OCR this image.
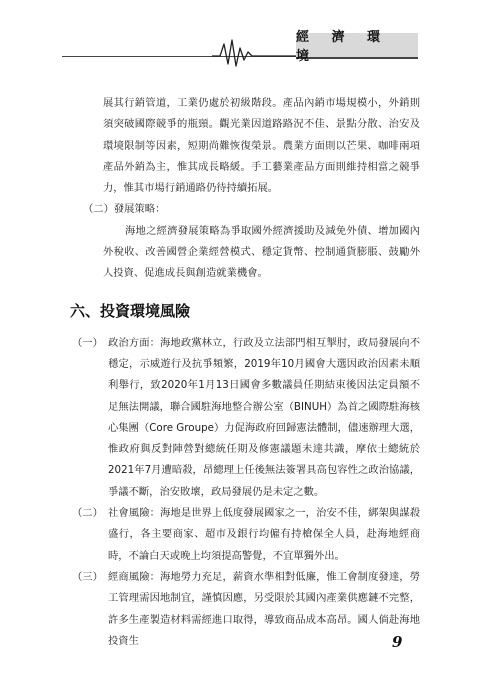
經 濟 環 境

展其行銷管道，工業仍處於初級階段。產品內銷市場規模小，外銷則須突破國際競爭的瓶頸。觀光業因道路路況不佳、景點分散、治安及環境限制等因素，短期尚難恢復榮景。農業方面則以芒果、咖啡兩項產品外銷為主，惟其成長略緩。手工藝業產品方面則維持相當之競爭力，惟其市場行銷通路仍待持續拓展。

（二）發展策略：

海地之經濟發展策略為爭取國外經濟援助及減免外債、增加國內外稅收、改善國營企業經營模式、穩定貨幣、控制通貨膨脹、鼓勵外人投資、促進成長與創造就業機會。

六、投資環境風險
（一） 政治方面：海地政黨林立，行政及立法部門相互掣肘，政局發展向不穩定，示威遊行及抗爭頻繁，2019年10月國會大選因政治因素未順利舉行，致2020年1月13日國會多數議員任期結束後因法定員額不足無法開議，聯合國駐海地整合辦公室（BINUH）為首之國際駐海核心集團（Core Groupe）力促海政府回歸憲法體制，儘速辦理大選，惟政府與反對陣營對總統任期及修憲議題未達共識，摩依士總統於2021年7月遭暗殺，昂總理上任後無法簽署具高包容性之政治協議，爭議不斷，治安敗壞，政局發展仍是未定之數。
（二） 社會風險：海地是世界上低度發展國家之一，治安不佳，綁架與謀殺盛行，各主要商家、超市及銀行均僱有持槍保全人員，赴海地經商時，不論白天或晚上均須提高警覺，不宜單獨外出。
（三） 經商風險：海地勞力充足，薪資水準相對低廉，惟工會制度發達，勞工管理需因地制宜，謹慎因應，另受限於其國內產業供應鏈不完整，許多生產製造材料需經進口取得，導致商品成本高昂。國人倘赴海地投資生	9
